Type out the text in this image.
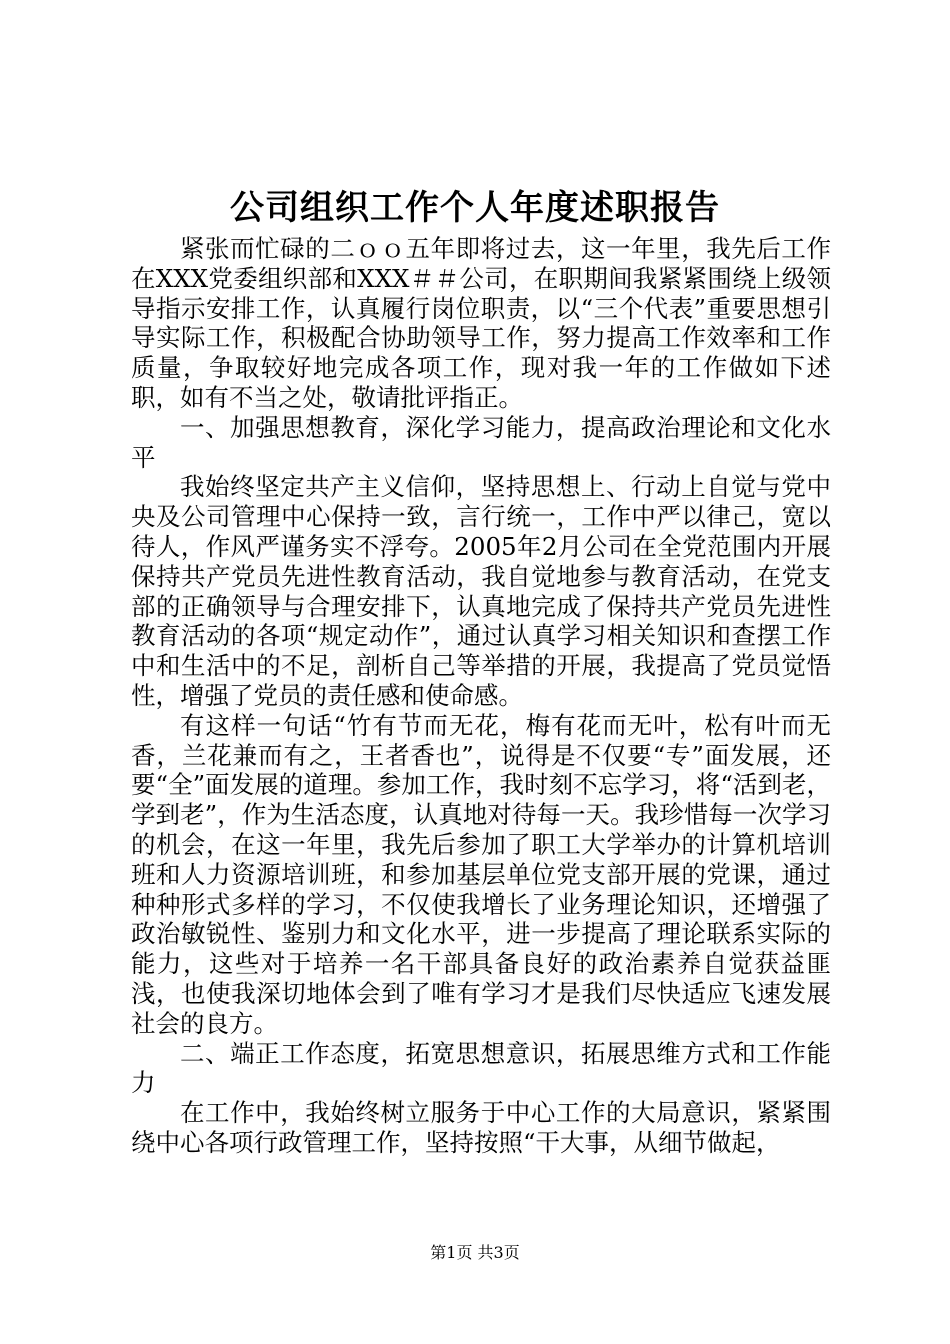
公司组织工作个人年度述职报告

紧张而忙碌的二ｏｏ五年即将过去，这一年里，我先后工作在XXX党委组织部和XXX＃＃公司，在职期间我紧紧围绕上级领导指示安排工作，认真履行岗位职责，以“三个代表”重要思想引导实际工作，积极配合协助领导工作，努力提高工作效率和工作质量，争取较好地完成各项工作，现对我一年的工作做如下述职，如有不当之处，敬请批评指正。

一、加强思想教育，深化学习能力，提高政治理论和文化水平

我始终坚定共产主义信仰，坚持思想上、行动上自觉与党中央及公司管理中心保持一致，言行统一，工作中严以律己，宽以待人，作风严谨务实不浮夸。2005年2月公司在全党范围内开展保持共产党员先进性教育活动，我自觉地参与教育活动，在党支部的正确领导与合理安排下，认真地完成了保持共产党员先进性教育活动的各项“规定动作”，通过认真学习相关知识和查摆工作中和生活中的不足，剖析自己等举措的开展，我提高了党员觉悟性，增强了党员的责任感和使命感。

有这样一句话“竹有节而无花，梅有花而无叶，松有叶而无香，兰花兼而有之，王者香也”，说得是不仅要“专”面发展，还要“全”面发展的道理。参加工作，我时刻不忘学习，将“活到老，学到老”，作为生活态度，认真地对待每一天。我珍惜每一次学习的机会，在这一年里，我先后参加了职工大学举办的计算机培训班和人力资源培训班，和参加基层单位党支部开展的党课，通过种种形式多样的学习，不仅使我增长了业务理论知识，还增强了政治敏锐性、鉴别力和文化水平，进一步提高了理论联系实际的能力，这些对于培养一名干部具备良好的政治素养自觉获益匪浅，也使我深切地体会到了唯有学习才是我们尽快适应飞速发展社会的良方。

二、端正工作态度，拓宽思想意识，拓展思维方式和工作能力

在工作中，我始终树立服务于中心工作的大局意识，紧紧围绕中心各项行政管理工作，坚持按照“干大事，从细节做起，

第1页 共3页
